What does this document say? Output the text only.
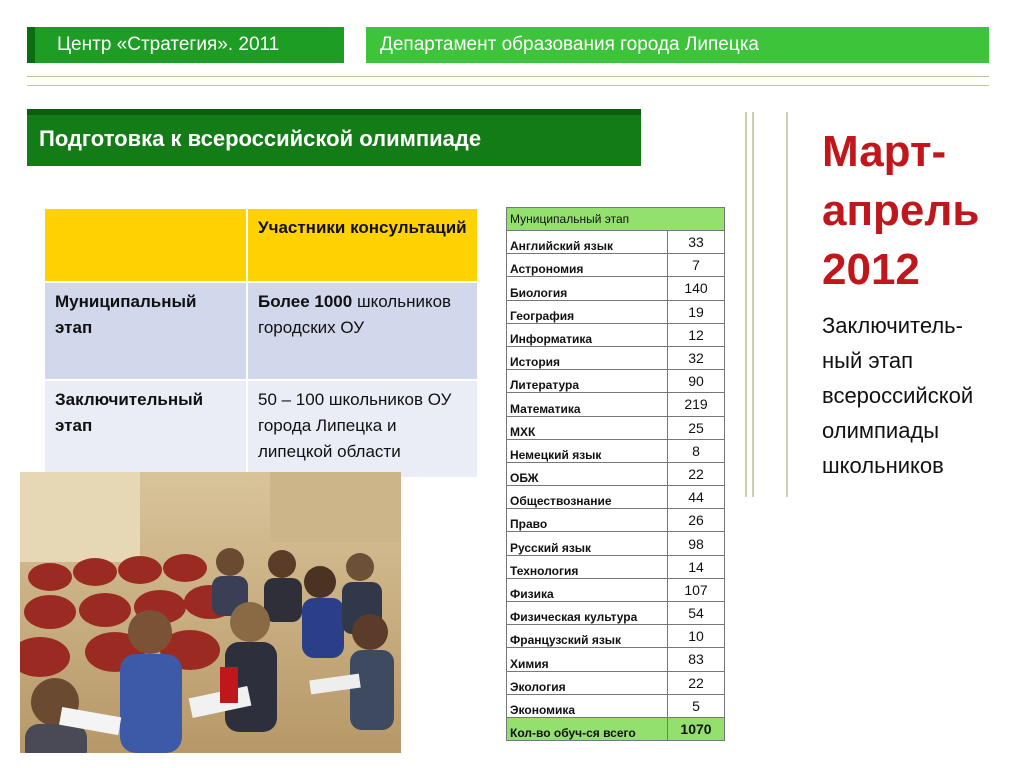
Центр «Стратегия». 2011	Департамент образования города Липецка
Подготовка к всероссийской олимпиаде
	Участники консультаций
Муниципальный этап	Более 1000 школьников городских ОУ
Заключительный этап	50 – 100 школьников ОУ города Липецка и липецкой области
Муниципальный этап	
Английский язык	33
Астрономия	7
Биология	140
География	19
Информатика	12
История	32
Литература	90
Математика	219
МХК	25
Немецкий язык	8
ОБЖ	22
Обществознание	44
Право	26
Русский язык	98
Технология	14
Физика	107
Физическая культура	54
Французский язык	10
Химия	83
Экология	22
Экономика	5
Кол-во обуч-ся всего	1070
Март-
апрель
2012
Заключитель-
ный этап
всероссийской
олимпиады
школьников
